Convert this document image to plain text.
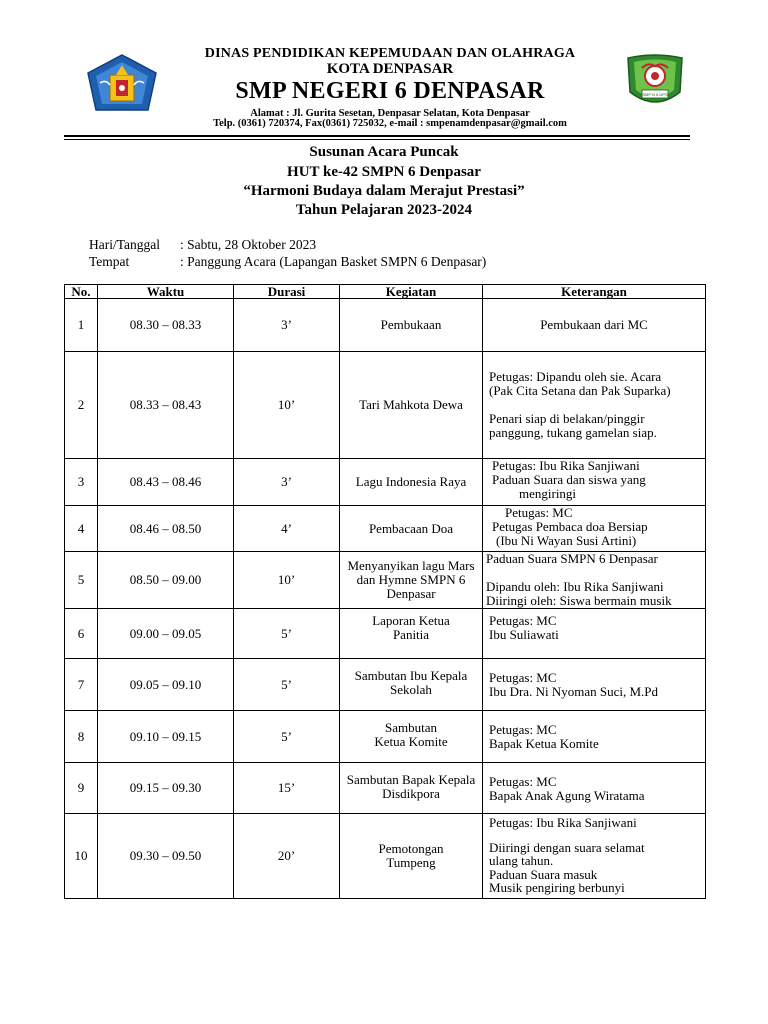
SMP N 6 DPS
DINAS PENDIDIKAN KEPEMUDAAN DAN OLAHRAGA
KOTA DENPASAR
SMP NEGERI 6 DENPASAR
Alamat : Jl. Gurita Sesetan, Denpasar Selatan, Kota Denpasar
Telp. (0361) 720374, Fax(0361) 725032, e-mail : smpenamdenpasar@gmail.com
Susunan Acara Puncak
HUT ke-42 SMPN 6 Denpasar
“Harmoni Budaya dalam Merajut Prestasi”
Tahun Pelajaran 2023-2024
Hari/Tanggal : Sabtu, 28 Oktober 2023
Tempat	: Panggung Acara (Lapangan Basket SMPN 6 Denpasar)
No.	Waktu	Durasi	Kegiatan	Keterangan
1	08.30 – 08.33	3’	Pembukaan	Pembukaan dari MC

2	08.33 – 08.43	10’	Tari Mahkota Dewa	Petugas: Dipandu oleh sie. Acara
(Pak Cita Setana dan Pak Suparka)
Penari siap di belakan/pinggir
panggung, tukang gamelan siap.

3	08.43 – 08.46	3’	Lagu Indonesia Raya	Petugas: Ibu Rika Sanjiwani
Paduan Suara dan siswa yang
mengiringi

4	08.46 – 08.50	4’	Pembacaan Doa	Petugas: MC
Petugas Pembaca doa Bersiap
(Ibu Ni Wayan Susi Artini)

5	08.50 – 09.00	10’	Menyanyikan lagu Mars dan Hymne SMPN 6 Denpasar	Paduan Suara SMPN 6 Denpasar
Dipandu oleh: Ibu Rika Sanjiwani
Diiringi oleh: Siswa bermain musik

6	09.00 – 09.05	5’	Laporan Ketua Panitia	Petugas: MC
Ibu Suliawati

7	09.05 – 09.10	5’	Sambutan Ibu Kepala Sekolah	Petugas: MC
Ibu Dra. Ni Nyoman Suci, M.Pd

8	09.10 – 09.15	5’	Sambutan Ketua Komite	Petugas: MC
Bapak Ketua Komite

9	09.15 – 09.30	15’	Sambutan Bapak Kepala Disdikpora	Petugas: MC
Bapak Anak Agung Wiratama

10	09.30 – 09.50	20’	Pemotongan Tumpeng	Petugas: Ibu Rika Sanjiwani
Diiringi dengan suara selamat
ulang tahun.
Paduan Suara masuk
Musik pengiring berbunyi
